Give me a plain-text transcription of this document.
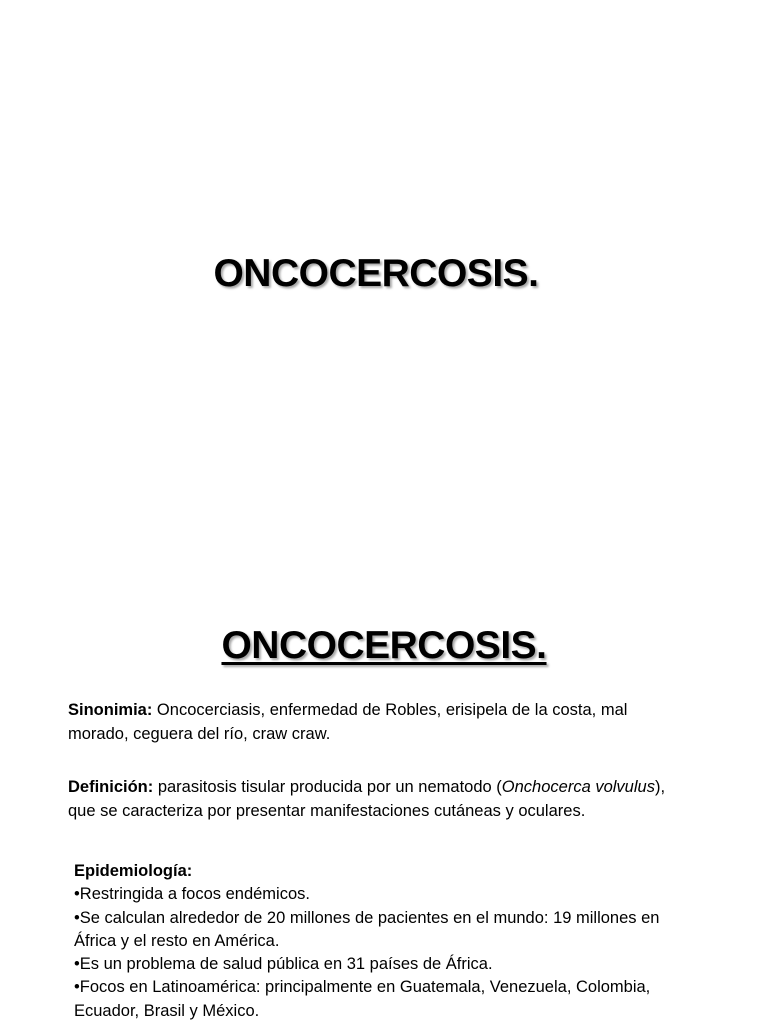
ONCOCERCOSIS.
ONCOCERCOSIS.
Sinonimia: Oncocerciasis, enfermedad de Robles, erisipela de la costa, mal morado, ceguera del río, craw craw.
Definición: parasitosis tisular producida por un nematodo (Onchocerca volvulus), que se caracteriza por presentar manifestaciones cutáneas y oculares.
Epidemiología:
•Restringida a focos endémicos.
•Se calculan alrededor de 20 millones de pacientes en el mundo: 19 millones en África y el resto en América.
•Es un problema de salud pública en 31 países de África.
•Focos en Latinoamérica: principalmente en Guatemala, Venezuela, Colombia, Ecuador, Brasil y México.
